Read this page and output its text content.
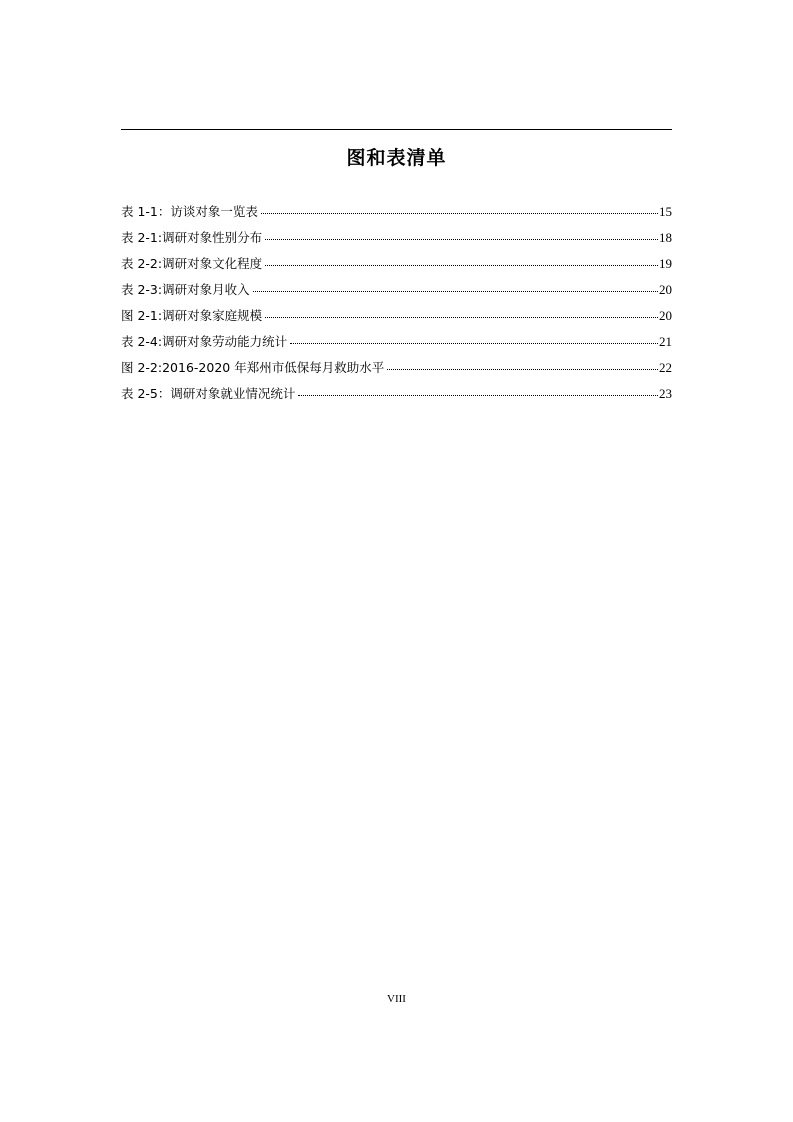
图和表清单
表 1-1：访谈对象一览表	15
表 2-1:调研对象性别分布	18
表 2-2:调研对象文化程度	19
表 2-3:调研对象月收入	20
图 2-1:调研对象家庭规模	20
表 2-4:调研对象劳动能力统计	21
图 2-2:2016-2020 年郑州市低保每月救助水平	22
表 2-5：调研对象就业情况统计	23
VIII
